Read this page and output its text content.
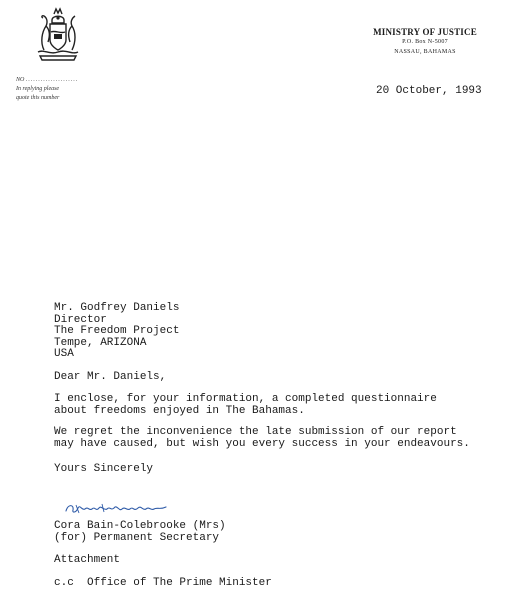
MINISTRY OF JUSTICE
P.O. Box N-5007
NASSAU, BAHAMAS
NO .....................
In replying please
quote this number
20 October, 1993
Mr. Godfrey Daniels
Director
The Freedom Project
Tempe, ARIZONA
USA
Dear Mr. Daniels,
I enclose, for your information, a completed questionnaire
about freedoms enjoyed in The Bahamas.
We regret the inconvenience the late submission of our report
may have caused, but wish you every success in your endeavours.
Yours Sincerely
Cora Bain-Colebrooke (Mrs)
(for) Permanent Secretary
Attachment
c.c  Office of The Prime Minister
